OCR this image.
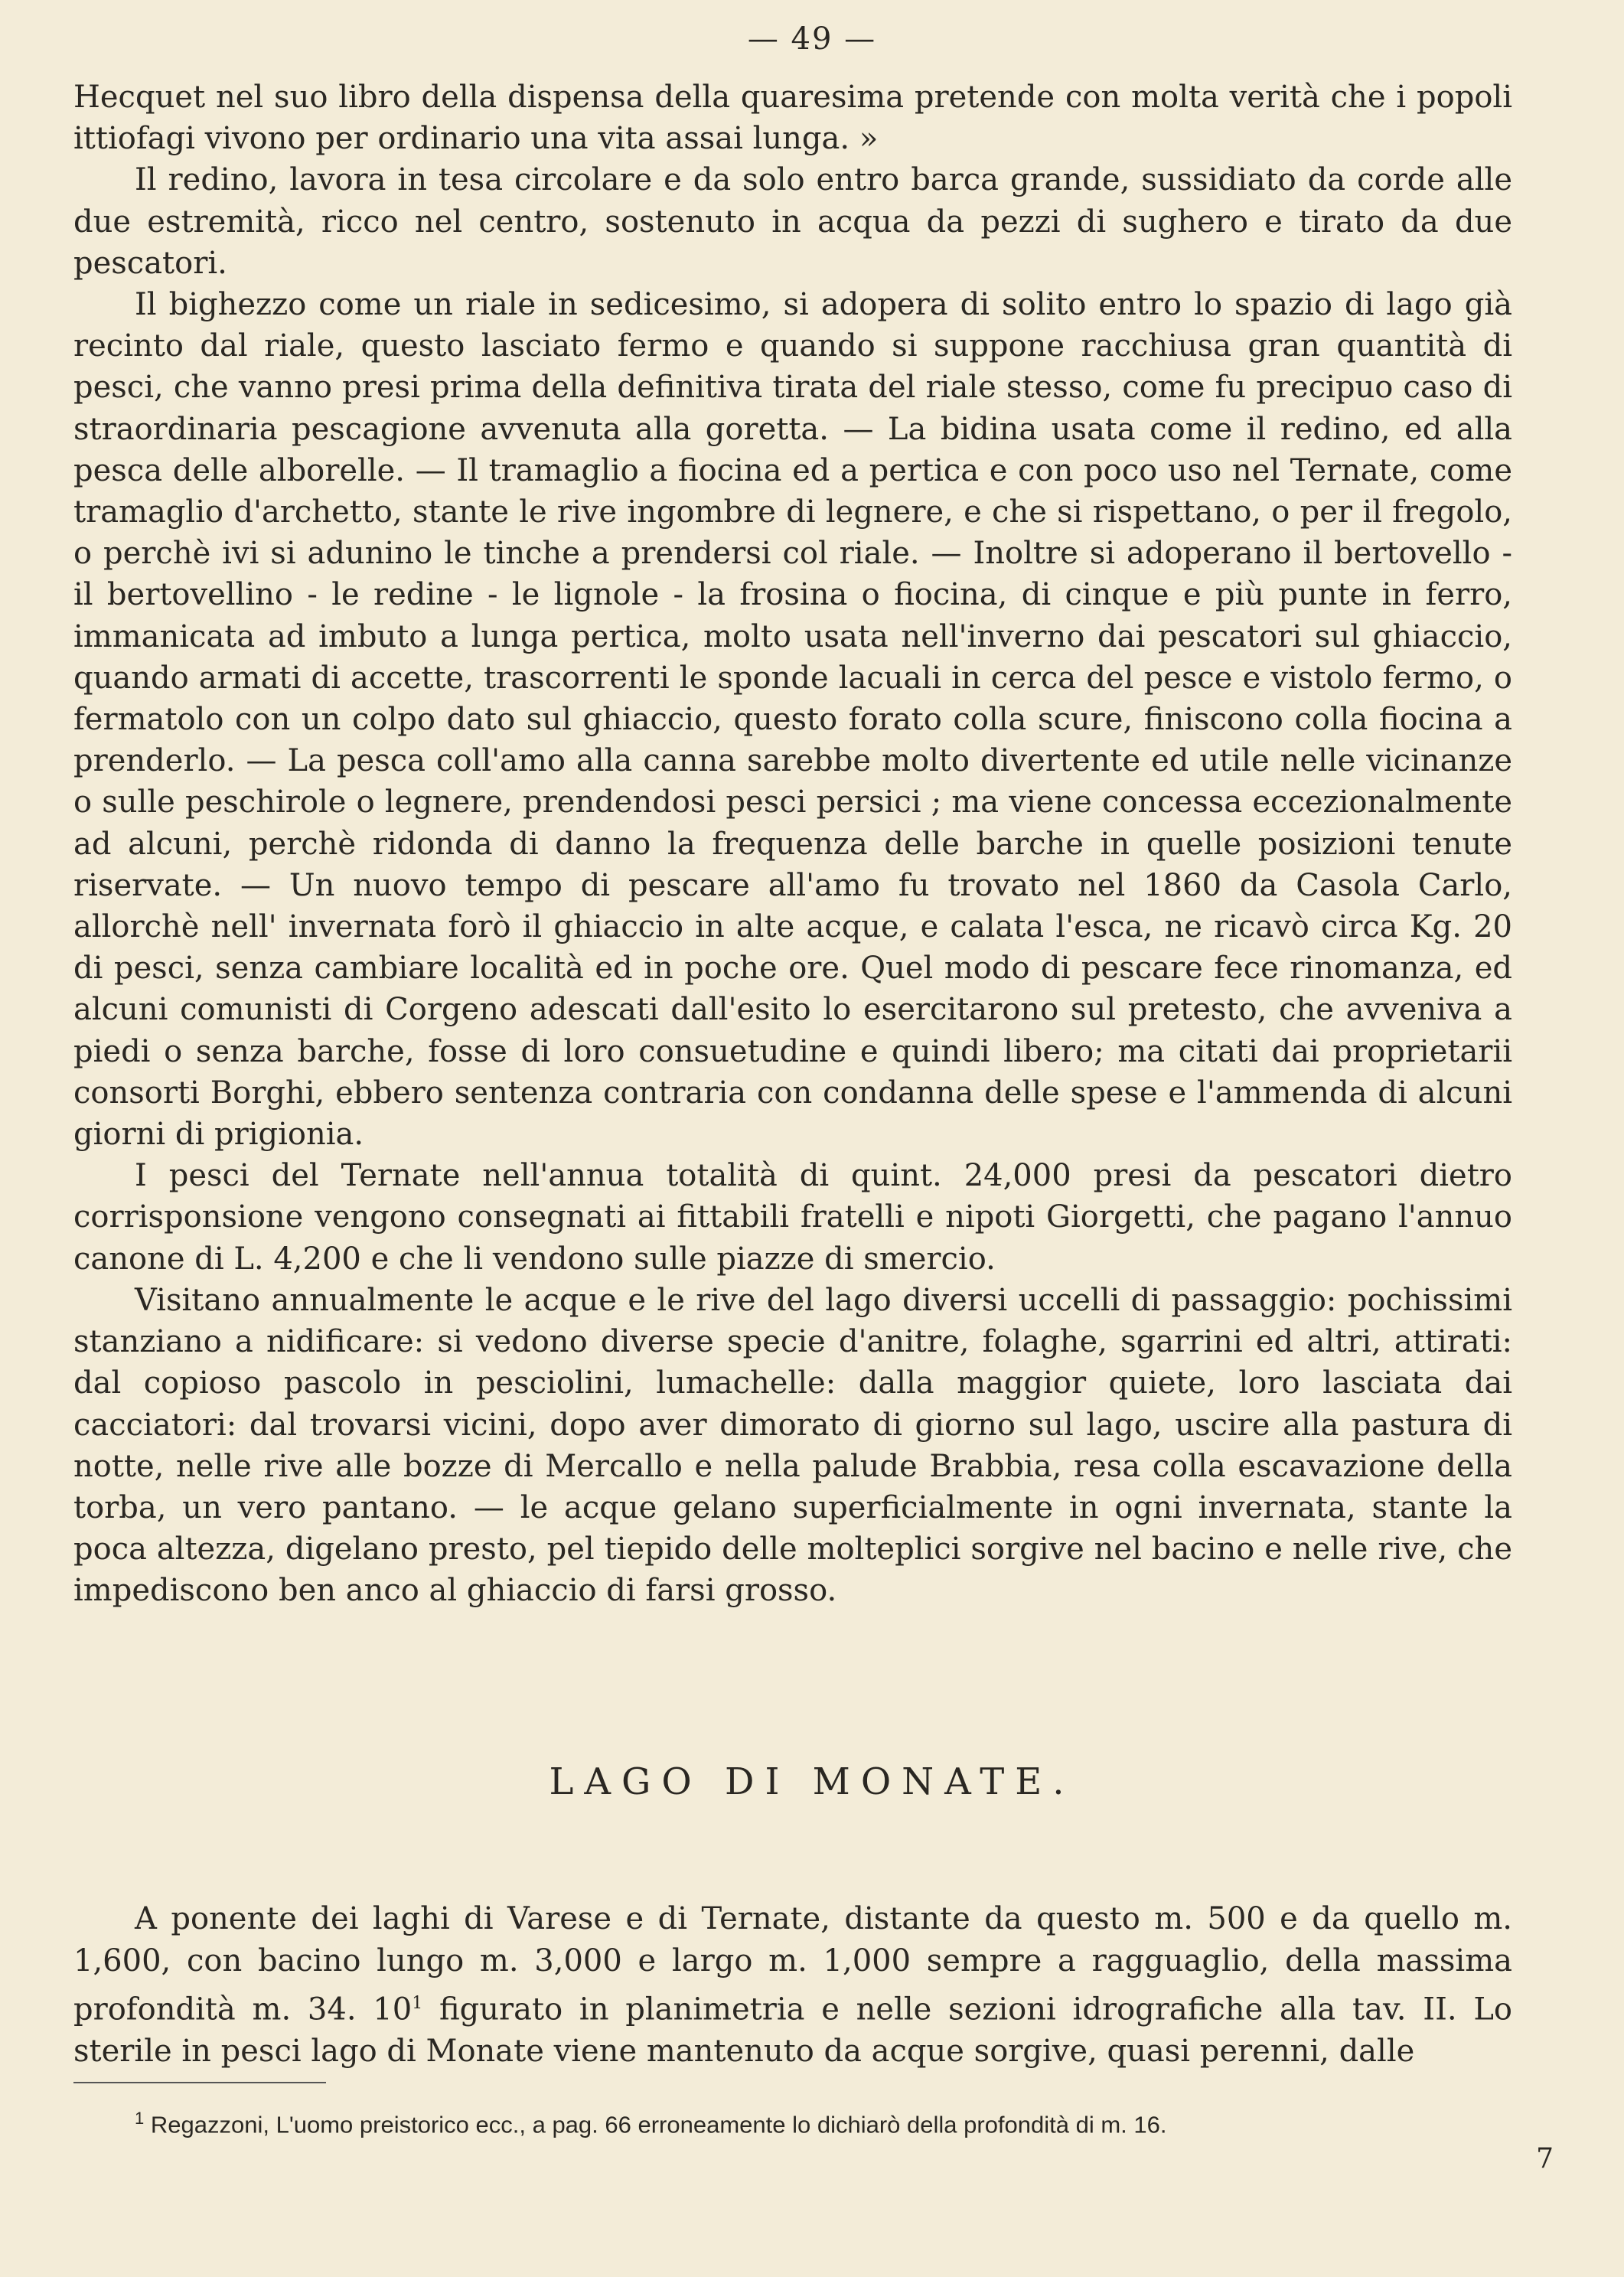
— 49 —

Hecquet nel suo libro della dispensa della quaresima pretende con molta verità che i popoli ittiofagi vivono per ordinario una vita assai lunga. »

Il redino, lavora in tesa circolare e da solo entro barca grande, sussidiato da corde alle due estremità, ricco nel centro, sostenuto in acqua da pezzi di sughero e tirato da due pescatori.

Il bighezzo come un riale in sedicesimo, si adopera di solito entro lo spazio di lago già recinto dal riale, questo lasciato fermo e quando si suppone racchiusa gran quantità di pesci, che vanno presi prima della definitiva tirata del riale stesso, come fu precipuo caso di straordinaria pescagione avvenuta alla goretta. — La bidina usata come il redino, ed alla pesca delle alborelle. — Il tramaglio a fiocina ed a pertica e con poco uso nel Ternate, come tramaglio d'archetto, stante le rive ingombre di legnere, e che si rispettano, o per il fregolo, o perchè ivi si adunino le tinche a prendersi col riale. — Inoltre si adoperano il bertovello - il bertovellino - le redine - le lignole - la frosina o fiocina, di cinque e più punte in ferro, immanicata ad imbuto a lunga pertica, molto usata nell'inverno dai pescatori sul ghiaccio, quando armati di accette, trascorrenti le sponde lacuali in cerca del pesce e vistolo fermo, o fermatolo con un colpo dato sul ghiaccio, questo forato colla scure, finiscono colla fiocina a prenderlo. — La pesca coll'amo alla canna sarebbe molto divertente ed utile nelle vicinanze o sulle peschirole o legnere, prendendosi pesci persici ; ma viene concessa eccezionalmente ad alcuni, perchè ridonda di danno la frequenza delle barche in quelle posizioni tenute riservate. — Un nuovo tempo di pescare all'amo fu trovato nel 1860 da Casola Carlo, allorchè nell' invernata forò il ghiaccio in alte acque, e calata l'esca, ne ricavò circa Kg. 20 di pesci, senza cambiare località ed in poche ore. Quel modo di pescare fece rinomanza, ed alcuni comunisti di Corgeno adescati dall'esito lo esercitarono sul pretesto, che avveniva a piedi o senza barche, fosse di loro consuetudine e quindi libero; ma citati dai proprietarii consorti Borghi, ebbero sentenza contraria con condanna delle spese e l'ammenda di alcuni giorni di prigionia.

I pesci del Ternate nell'annua totalità di quint. 24,000 presi da pescatori dietro corrisponsione vengono consegnati ai fittabili fratelli e nipoti Giorgetti, che pagano l'annuo canone di L. 4,200 e che li vendono sulle piazze di smercio.

Visitano annualmente le acque e le rive del lago diversi uccelli di passaggio: pochissimi stanziano a nidificare: si vedono diverse specie d'anitre, folaghe, sgarrini ed altri, attirati: dal copioso pascolo in pesciolini, lumachelle: dalla maggior quiete, loro lasciata dai cacciatori: dal trovarsi vicini, dopo aver dimorato di giorno sul lago, uscire alla pastura di notte, nelle rive alle bozze di Mercallo e nella palude Brabbia, resa colla escavazione della torba, un vero pantano. — le acque gelano superficialmente in ogni invernata, stante la poca altezza, digelano presto, pel tiepido delle molteplici sorgive nel bacino e nelle rive, che impediscono ben anco al ghiaccio di farsi grosso.

LAGO DI MONATE.

A ponente dei laghi di Varese e di Ternate, distante da questo m. 500 e da quello m. 1,600, con bacino lungo m. 3,000 e largo m. 1,000 sempre a ragguaglio, della massima profondità m. 34. $10^1$ figurato in planimetria e nelle sezioni idrografiche alla tav. II. Lo sterile in pesci lago di Monate viene mantenuto da acque sorgive, quasi perenni, dalle

$^1$ Regazzoni, L'uomo preistorico ecc., a pag. 66 erroneamente lo dichiarò della profondità di m. 16.
7
